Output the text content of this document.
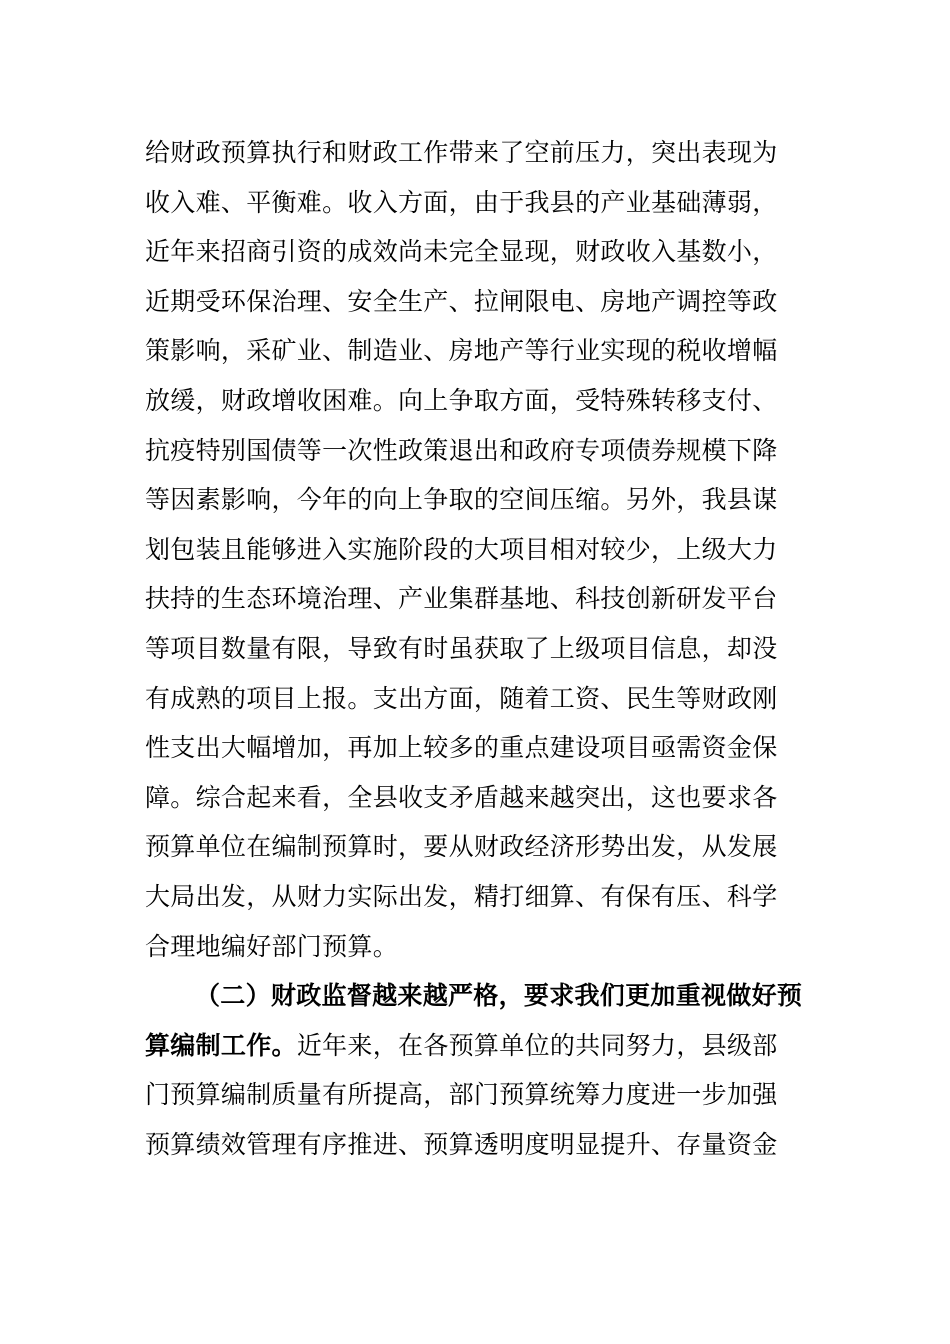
给财政预算执行和财政工作带来了空前压力，突出表现为
收入难、平衡难。收入方面，由于我县的产业基础薄弱，
近年来招商引资的成效尚未完全显现，财政收入基数小，
近期受环保治理、安全生产、拉闸限电、房地产调控等政
策影响，采矿业、制造业、房地产等行业实现的税收增幅
放缓，财政增收困难。向上争取方面，受特殊转移支付、
抗疫特别国债等一次性政策退出和政府专项债券规模下降
等因素影响，今年的向上争取的空间压缩。另外，我县谋
划包装且能够进入实施阶段的大项目相对较少，上级大力
扶持的生态环境治理、产业集群基地、科技创新研发平台
等项目数量有限，导致有时虽获取了上级项目信息，却没
有成熟的项目上报。支出方面，随着工资、民生等财政刚
性支出大幅增加，再加上较多的重点建设项目亟需资金保
障。综合起来看，全县收支矛盾越来越突出，这也要求各
预算单位在编制预算时，要从财政经济形势出发，从发展
大局出发，从财力实际出发，精打细算、有保有压、科学
合理地编好部门预算。
（二）财政监督越来越严格，要求我们更加重视做好预
算编制工作。近年来，在各预算单位的共同努力，县级部
门预算编制质量有所提高，部门预算统筹力度进一步加强
预算绩效管理有序推进、预算透明度明显提升、存量资金
